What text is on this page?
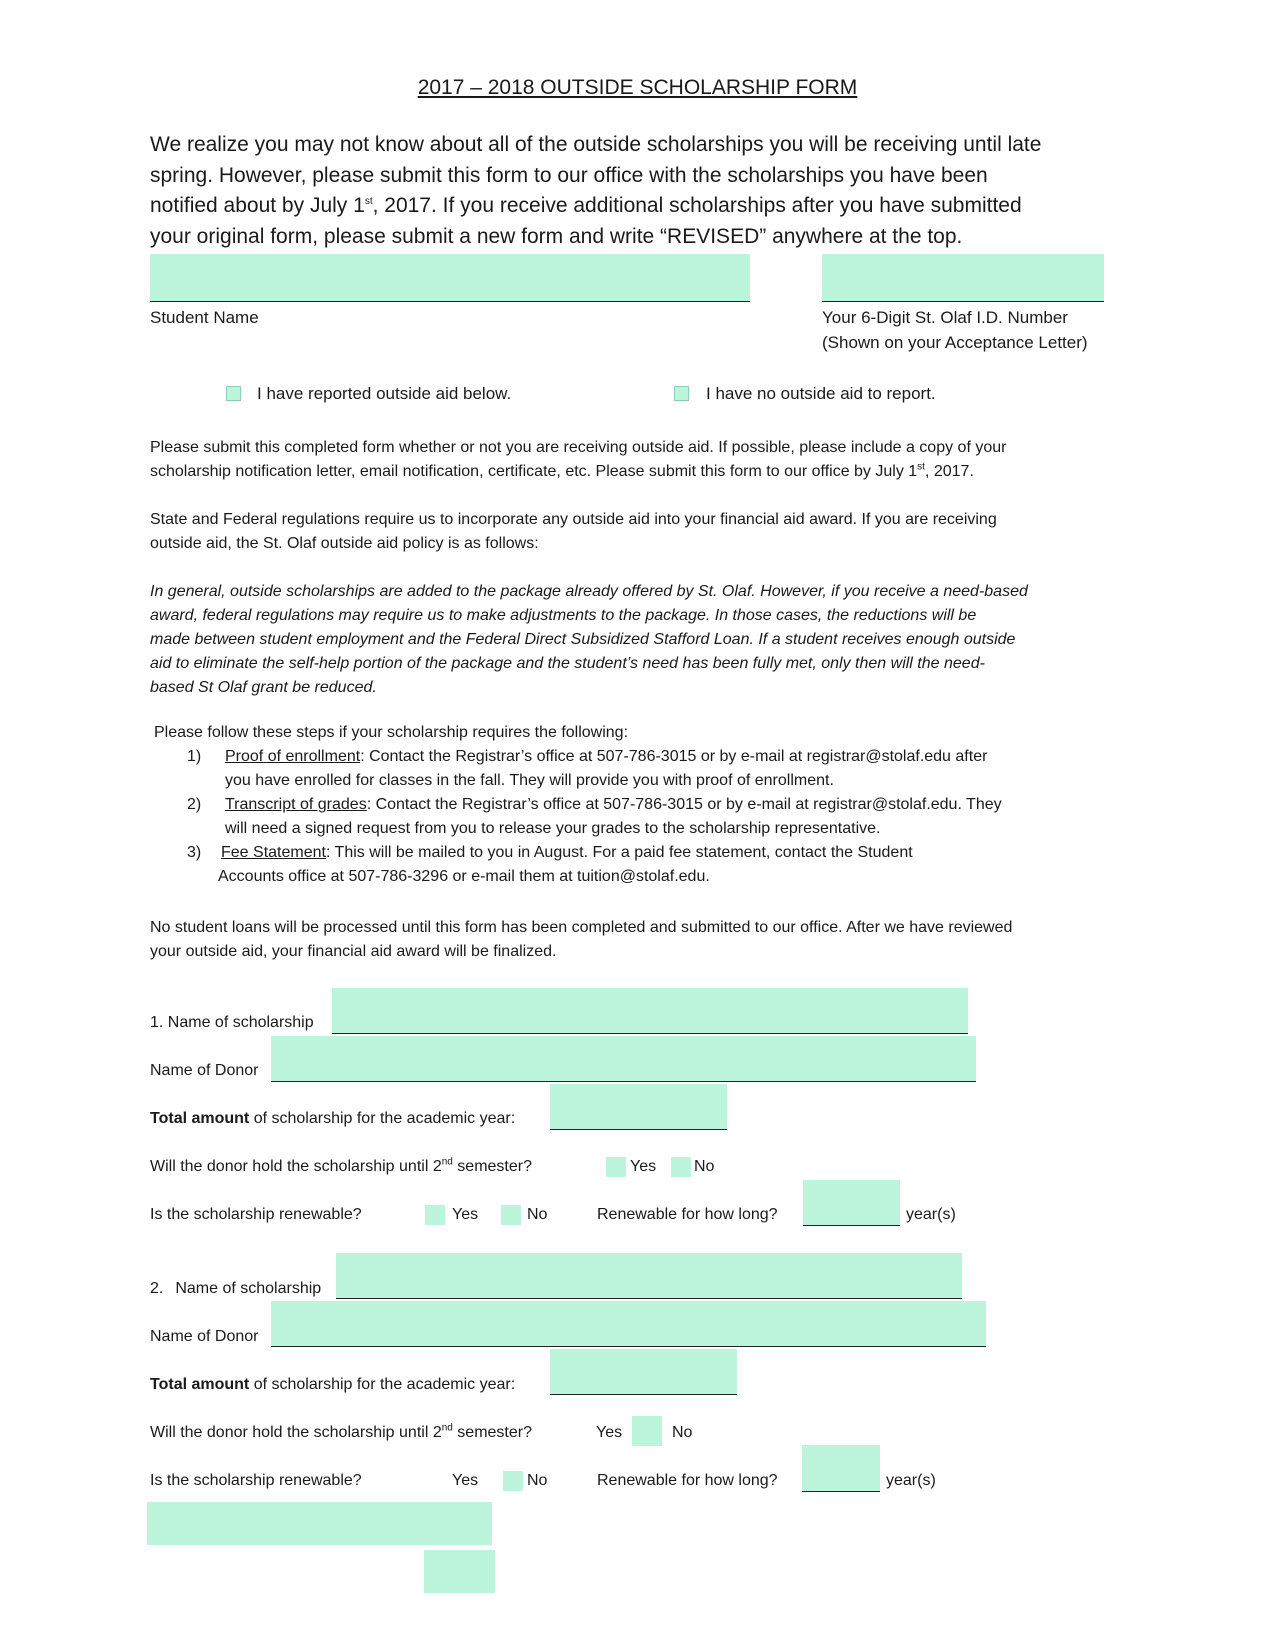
2017 – 2018 OUTSIDE SCHOLARSHIP FORM
We realize you may not know about all of the outside scholarships you will be receiving until late
spring. However, please submit this form to our office with the scholarships you have been
notified about by July 1st, 2017. If you receive additional scholarships after you have submitted
your original form, please submit a new form and write “REVISED” anywhere at the top.
Student Name	Your 6-Digit St. Olaf I.D. Number
(Shown on your Acceptance Letter)
I have reported outside aid below.	I have no outside aid to report.
Please submit this completed form whether or not you are receiving outside aid. If possible, please include a copy of your
scholarship notification letter, email notification, certificate, etc. Please submit this form to our office by July 1st, 2017.
State and Federal regulations require us to incorporate any outside aid into your financial aid award. If you are receiving
outside aid, the St. Olaf outside aid policy is as follows:
In general, outside scholarships are added to the package already offered by St. Olaf. However, if you receive a need-based
award, federal regulations may require us to make adjustments to the package. In those cases, the reductions will be
made between student employment and the Federal Direct Subsidized Stafford Loan. If a student receives enough outside
aid to eliminate the self-help portion of the package and the student’s need has been fully met, only then will the need-
based St Olaf grant be reduced.
Please follow these steps if your scholarship requires the following:
1) Proof of enrollment: Contact the Registrar’s office at 507-786-3015 or by e-mail at registrar@stolaf.edu after
you have enrolled for classes in the fall. They will provide you with proof of enrollment.
2) Transcript of grades: Contact the Registrar’s office at 507-786-3015 or by e-mail at registrar@stolaf.edu. They
will need a signed request from you to release your grades to the scholarship representative.
3) Fee Statement: This will be mailed to you in August. For a paid fee statement, contact the Student
Accounts office at 507-786-3296 or e-mail them at tuition@stolaf.edu.
No student loans will be processed until this form has been completed and submitted to our office. After we have reviewed
your outside aid, your financial aid award will be finalized.
1. Name of scholarship
Name of Donor
Total amount of scholarship for the academic year:
Will the donor hold the scholarship until 2nd semester?	Yes No
Is the scholarship renewable?	Yes	No	Renewable for how long?	year(s)
2. Name of scholarship
Name of Donor
Total amount of scholarship for the academic year:
Will the donor hold the scholarship until 2nd semester?	Yes	No
Is the scholarship renewable?	Yes	No	Renewable for how long?	year(s)
